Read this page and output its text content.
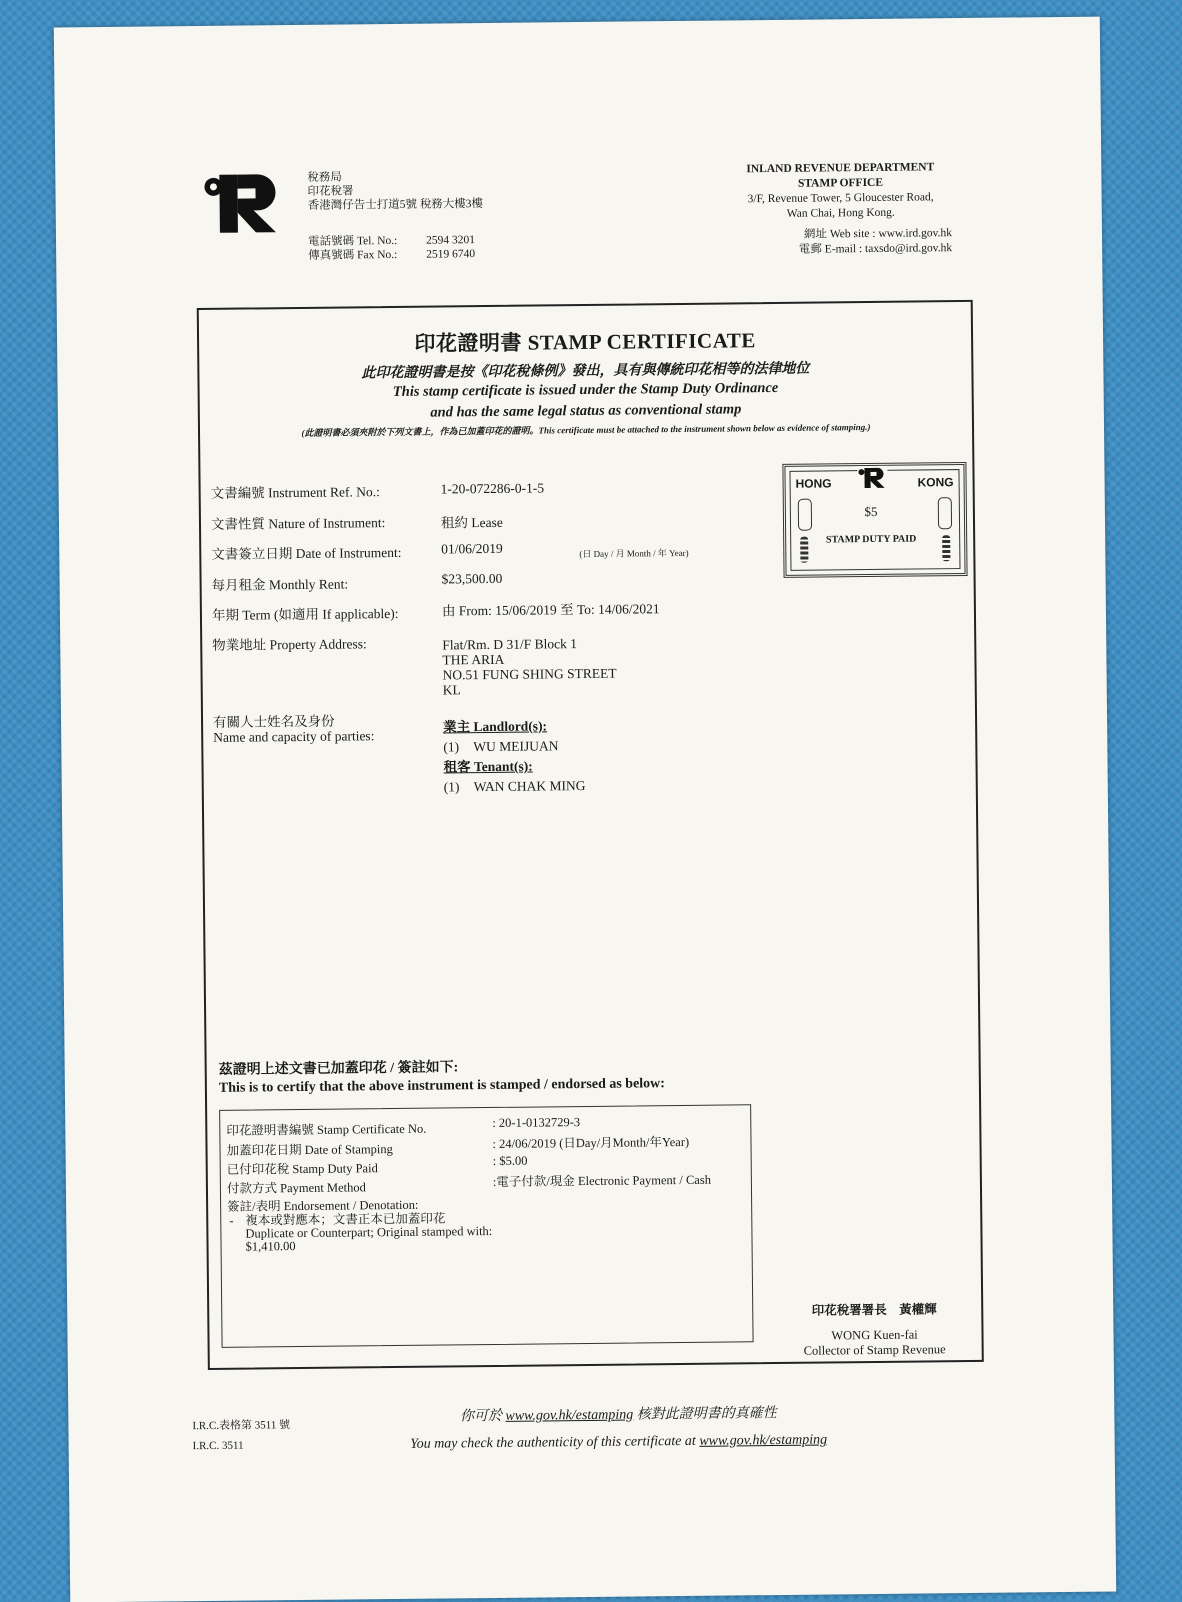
稅務局
印花稅署
香港灣仔告士打道5號 稅務大樓3樓
電話號碼 Tel. No.: 2594 3201
傳真號碼 Fax No.: 2519 6740
INLAND REVENUE DEPARTMENT
STAMP OFFICE
3/F, Revenue Tower, 5 Gloucester Road,
Wan Chai, Hong Kong.
網址 Web site : www.ird.gov.hk
電郵 E-mail : taxsdo@ird.gov.hk
印花證明書 STAMP CERTIFICATE
此印花證明書是按《印花稅條例》發出，具有與傳統印花相等的法律地位
This stamp certificate is issued under the Stamp Duty Ordinance
and has the same legal status as conventional stamp
(此證明書必須夾附於下列文書上，作為已加蓋印花的證明。This certificate must be attached to the instrument shown below as evidence of stamping.)
文書編號 Instrument Ref. No.:	1-20-072286-0-1-5
文書性質 Nature of Instrument:	租約 Lease
文書簽立日期 Date of Instrument:	01/06/2019	(日 Day / 月 Month / 年 Year)
每月租金 Monthly Rent:	$23,500.00
年期 Term (如適用 If applicable):	由 From: 15/06/2019 至 To: 14/06/2021
物業地址 Property Address:	Flat/Rm. D 31/F Block 1
THE ARIA
NO.51 FUNG SHING STREET
KL
有關人士姓名及身份
Name and capacity of parties:
業主 Landlord(s):
(1) WU MEIJUAN
租客 Tenant(s):
(1) WAN CHAK MING
HONG	KONG
$5
STAMP DUTY PAID
茲證明上述文書已加蓋印花 / 簽註如下:
This is to certify that the above instrument is stamped / endorsed as below:
印花證明書編號 Stamp Certificate No.	: 20-1-0132729-3
加蓋印花日期 Date of Stamping	: 24/06/2019 (日Day/月Month/年Year)
已付印花稅 Stamp Duty Paid
: $5.00
付款方式 Payment Method	:電子付款/現金 Electronic Payment / Cash
簽註/表明 Endorsement / Denotation:
- 複本或對應本；文書正本已加蓋印花
Duplicate or Counterpart; Original stamped with:
$1,410.00
印花稅署署長　黃權輝
WONG Kuen-fai
Collector of Stamp Revenue
I.R.C.表格第 3511 號
I.R.C. 3511
你可於 www.gov.hk/estamping 核對此證明書的真確性
You may check the authenticity of this certificate at www.gov.hk/estamping
